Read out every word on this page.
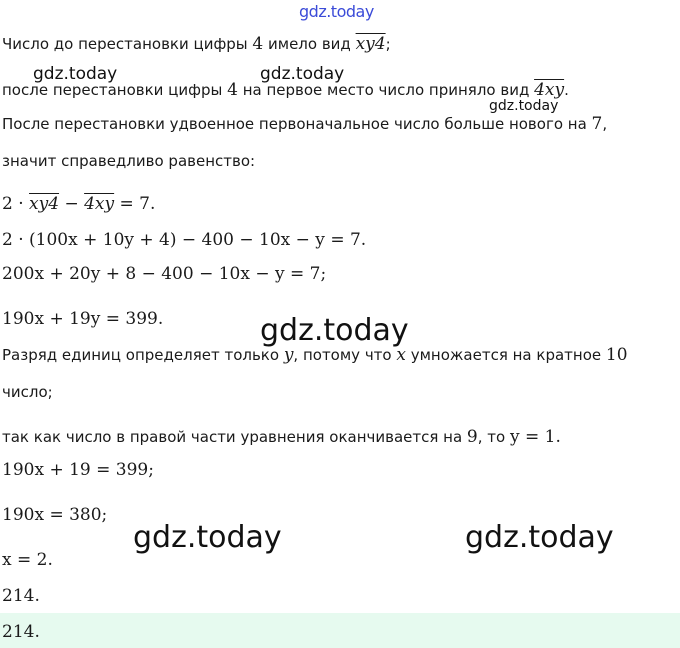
gdz.today
gdz.today	gdz.today
gdz.today
gdz.today
gdz.today	gdz.today
Число до перестановки цифры 4 имело вид xy4;
после перестановки цифры 4 на первое место число приняло вид 4xy.
После перестановки удвоенное первоначальное число больше нового на 7,
значит справедливо равенство:
2 · xy4 − 4xy = 7.
2 · (100x + 10y + 4) − 400 − 10x − y = 7.
200x + 20y + 8 − 400 − 10x − y = 7;
190x + 19y = 399.
Разряд единиц определяет только y, потому что x умножается на кратное 10
число;
так как число в правой части уравнения оканчивается на 9, то y = 1.
190x + 19 = 399;
190x = 380;
x = 2.
214.
214.
